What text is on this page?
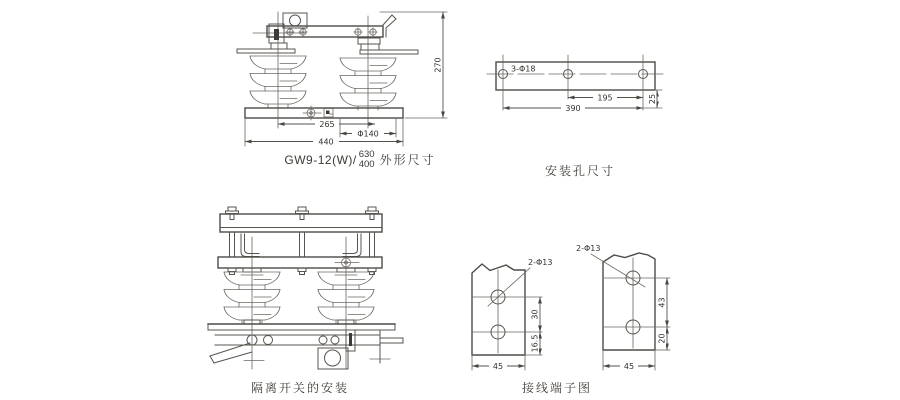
265
Φ140
440
270
GW9-12(W)/ 630
400 外形尺寸
3-Φ18
195
390
25
安装孔尺寸
隔离开关的安装
2-Φ13
30
16.5
45
2-Φ13
43
20
45
接线端子图
